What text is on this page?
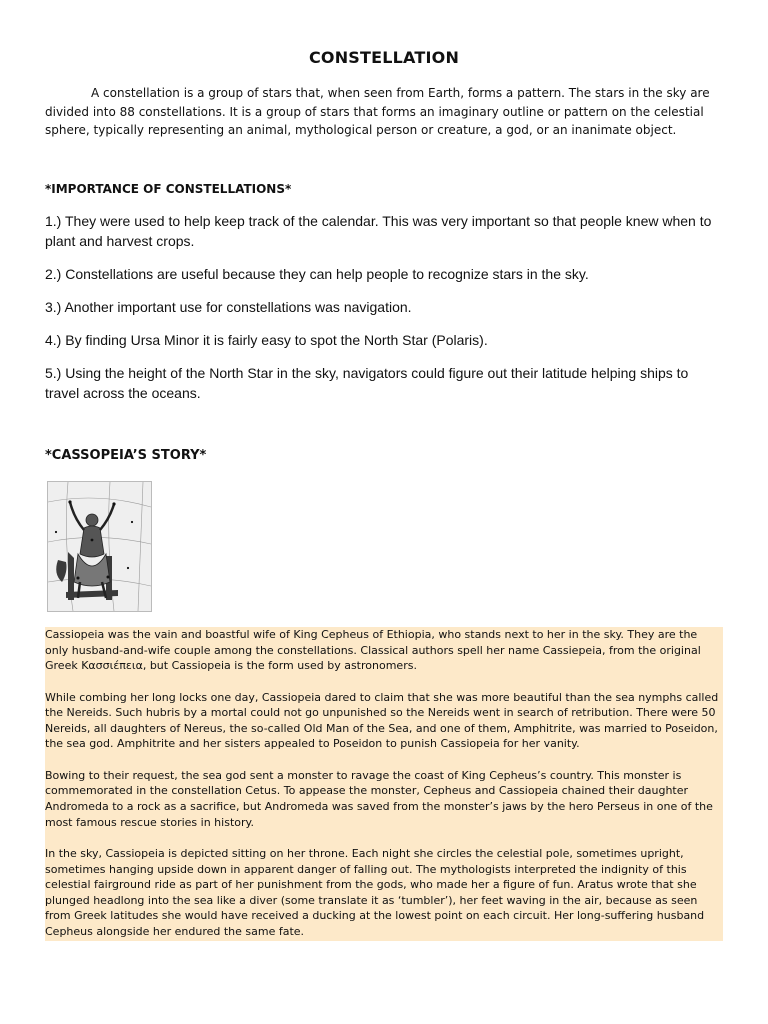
CONSTELLATION

A constellation is a group of stars that, when seen from Earth, forms a pattern. The stars in the sky are divided into 88 constellations. It is a group of stars that forms an imaginary outline or pattern on the celestial sphere, typically representing an animal, mythological person or creature, a god, or an inanimate object.

*IMPORTANCE OF CONSTELLATIONS*
1.) They were used to help keep track of the calendar. This was very important so that people knew when to plant and harvest crops.
2.) Constellations are useful because they can help people to recognize stars in the sky.
3.) Another important use for constellations was navigation.
4.) By finding Ursa Minor it is fairly easy to spot the North Star (Polaris).
5.) Using the height of the North Star in the sky, navigators could figure out their latitude helping ships to travel across the oceans.
*CASSOPEIA’S STORY*

Cassiopeia was the vain and boastful wife of King Cepheus of Ethiopia, who stands next to her in the sky. They are the only husband-and-wife couple among the constellations. Classical authors spell her name Cassiepeia, from the original Greek Κασσιέπεια, but Cassiopeia is the form used by astronomers.

While combing her long locks one day, Cassiopeia dared to claim that she was more beautiful than the sea nymphs called the Nereids. Such hubris by a mortal could not go unpunished so the Nereids went in search of retribution. There were 50 Nereids, all daughters of Nereus, the so-called Old Man of the Sea, and one of them, Amphitrite, was married to Poseidon, the sea god. Amphitrite and her sisters appealed to Poseidon to punish Cassiopeia for her vanity.

Bowing to their request, the sea god sent a monster to ravage the coast of King Cepheus’s country. This monster is commemorated in the constellation Cetus. To appease the monster, Cepheus and Cassiopeia chained their daughter Andromeda to a rock as a sacrifice, but Andromeda was saved from the monster’s jaws by the hero Perseus in one of the most famous rescue stories in history.

In the sky, Cassiopeia is depicted sitting on her throne. Each night she circles the celestial pole, sometimes upright, sometimes hanging upside down in apparent danger of falling out. The mythologists interpreted the indignity of this celestial fairground ride as part of her punishment from the gods, who made her a figure of fun. Aratus wrote that she plunged headlong into the sea like a diver (some translate it as ‘tumbler’), her feet waving in the air, because as seen from Greek latitudes she would have received a ducking at the lowest point on each circuit. Her long-suffering husband Cepheus alongside her endured the same fate.
